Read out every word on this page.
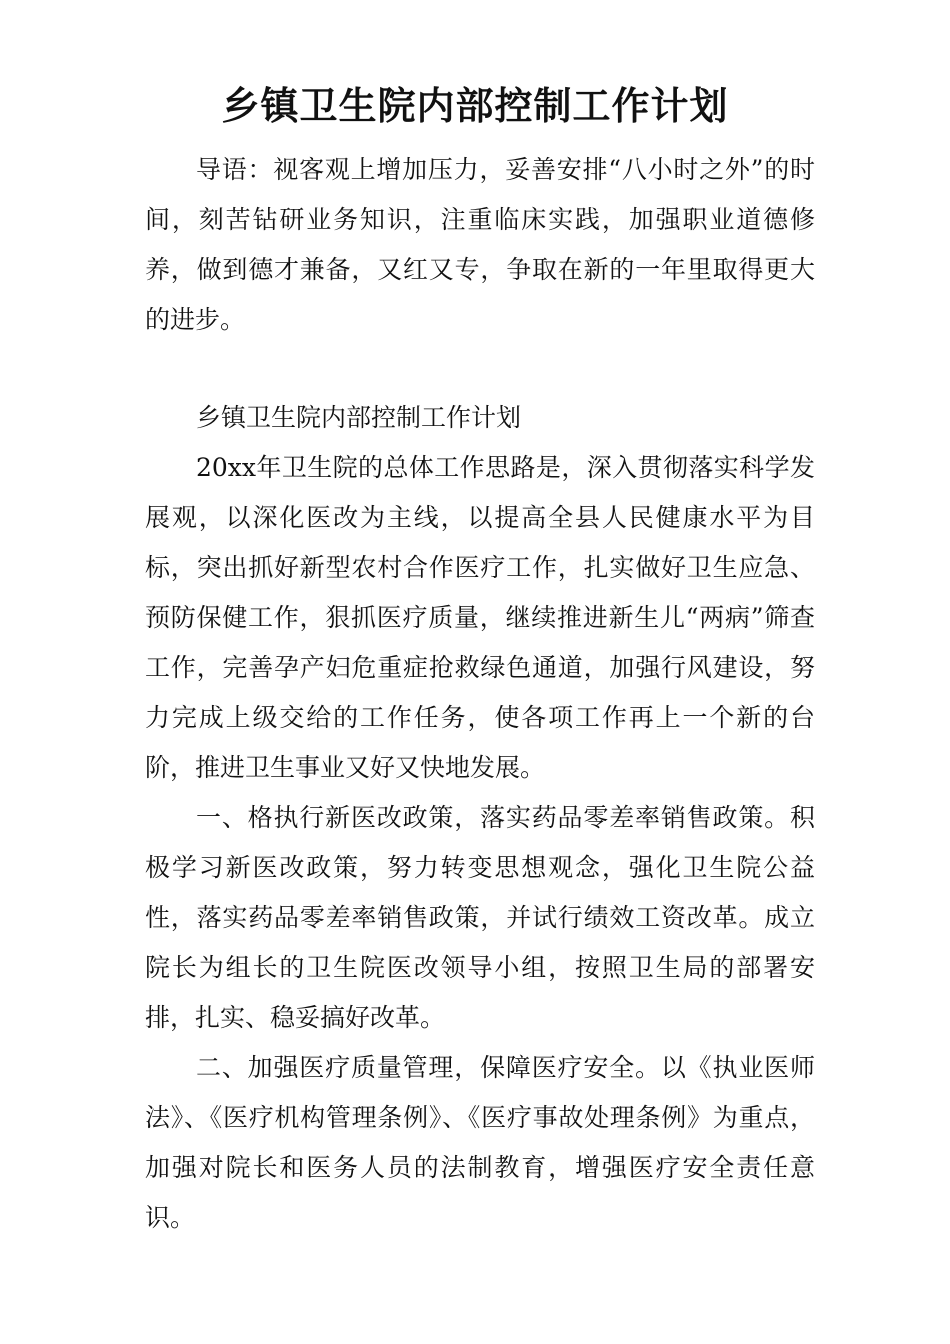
乡镇卫生院内部控制工作计划

导语：视客观上增加压力，妥善安排“八小时之外”的时间，刻苦钻研业务知识，注重临床实践，加强职业道德修养，做到德才兼备，又红又专，争取在新的一年里取得更大的进步。

乡镇卫生院内部控制工作计划

20xx年卫生院的总体工作思路是，深入贯彻落实科学发展观，以深化医改为主线，以提高全县人民健康水平为目标，突出抓好新型农村合作医疗工作，扎实做好卫生应急、预防保健工作，狠抓医疗质量，继续推进新生儿“两病”筛查工作，完善孕产妇危重症抢救绿色通道，加强行风建设，努力完成上级交给的工作任务，使各项工作再上一个新的台阶，推进卫生事业又好又快地发展。

一、格执行新医改政策，落实药品零差率销售政策。积极学习新医改政策，努力转变思想观念，强化卫生院公益性，落实药品零差率销售政策，并试行绩效工资改革。成立院长为组长的卫生院医改领导小组，按照卫生局的部署安排，扎实、稳妥搞好改革。

二、加强医疗质量管理，保障医疗安全。以《执业医师法》、《医疗机构管理条例》、《医疗事故处理条例》为重点，加强对院长和医务人员的法制教育，增强医疗安全责任意识。
